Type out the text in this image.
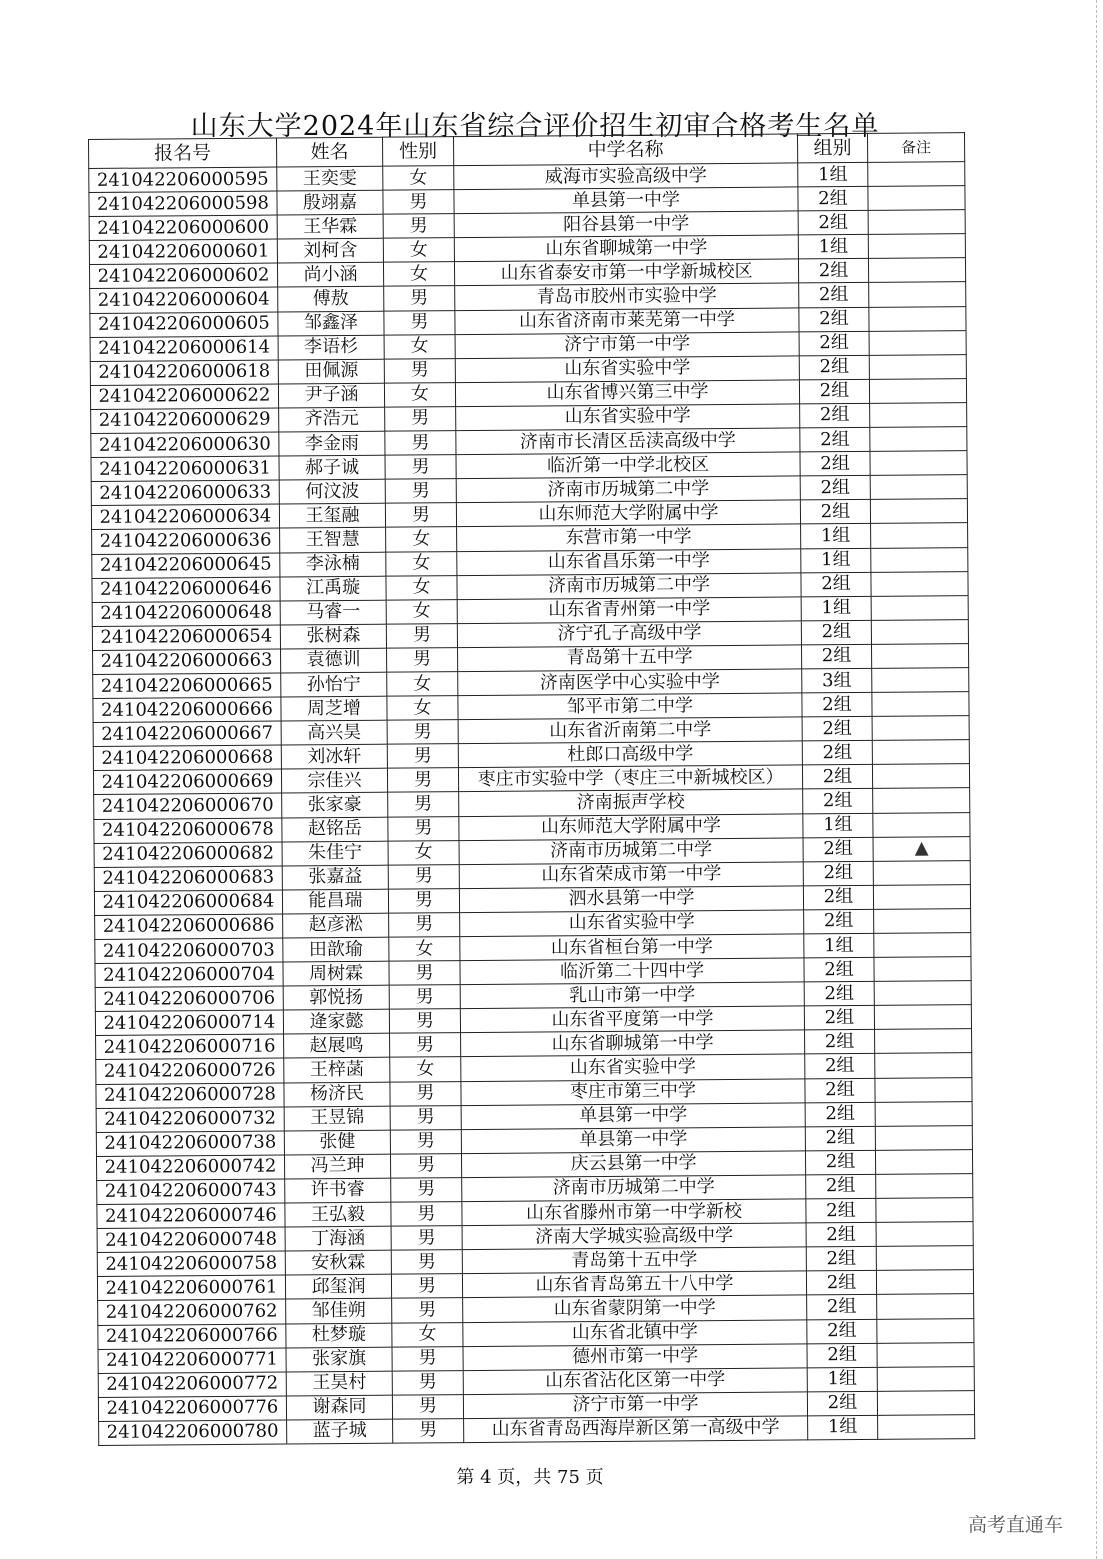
山东大学2024年山东省综合评价招生初审合格考生名单
报名号	姓名	性别	中学名称	组别	备注
241042206000595	王奕雯	女	威海市实验高级中学	1组	
241042206000598	殷翊嘉	男	单县第一中学	2组	
241042206000600	王华霖	男	阳谷县第一中学	2组	
241042206000601	刘柯含	女	山东省聊城第一中学	1组	
241042206000602	尚小涵	女	山东省泰安市第一中学新城校区	2组	
241042206000604	傅敖	男	青岛市胶州市实验中学	2组	
241042206000605	邹鑫泽	男	山东省济南市莱芜第一中学	2组	
241042206000614	李语杉	女	济宁市第一中学	2组	
241042206000618	田佩源	男	山东省实验中学	2组	
241042206000622	尹子涵	女	山东省博兴第三中学	2组	
241042206000629	齐浩元	男	山东省实验中学	2组	
241042206000630	李金雨	男	济南市长清区岳渎高级中学	2组	
241042206000631	郝子诚	男	临沂第一中学北校区	2组	
241042206000633	何汶波	男	济南市历城第二中学	2组	
241042206000634	王玺融	男	山东师范大学附属中学	2组	
241042206000636	王智慧	女	东营市第一中学	1组	
241042206000645	李泳楠	女	山东省昌乐第一中学	1组	
241042206000646	江禹璇	女	济南市历城第二中学	2组	
241042206000648	马睿一	女	山东省青州第一中学	1组	
241042206000654	张树森	男	济宁孔子高级中学	2组	
241042206000663	袁德训	男	青岛第十五中学	2组	
241042206000665	孙怡宁	女	济南医学中心实验中学	3组	
241042206000666	周芝增	女	邹平市第二中学	2组	
241042206000667	高兴昊	男	山东省沂南第二中学	2组	
241042206000668	刘冰轩	男	杜郎口高级中学	2组	
241042206000669	宗佳兴	男	枣庄市实验中学（枣庄三中新城校区）	2组	
241042206000670	张家豪	男	济南振声学校	2组	
241042206000678	赵铭岳	男	山东师范大学附属中学	1组	
241042206000682	朱佳宁	女	济南市历城第二中学	2组	▲
241042206000683	张嘉益	男	山东省荣成市第一中学	2组	
241042206000684	能昌瑞	男	泗水县第一中学	2组	
241042206000686	赵彦淞	男	山东省实验中学	2组	
241042206000703	田歆瑜	女	山东省桓台第一中学	1组	
241042206000704	周树霖	男	临沂第二十四中学	2组	
241042206000706	郭悦扬	男	乳山市第一中学	2组	
241042206000714	逄家懿	男	山东省平度第一中学	2组	
241042206000716	赵展鸣	男	山东省聊城第一中学	2组	
241042206000726	王梓菡	女	山东省实验中学	2组	
241042206000728	杨济民	男	枣庄市第三中学	2组	
241042206000732	王昱锦	男	单县第一中学	2组	
241042206000738	张健	男	单县第一中学	2组	
241042206000742	冯兰珅	男	庆云县第一中学	2组	
241042206000743	许书睿	男	济南市历城第二中学	2组	
241042206000746	王弘毅	男	山东省滕州市第一中学新校	2组	
241042206000748	丁海涵	男	济南大学城实验高级中学	2组	
241042206000758	安秋霖	男	青岛第十五中学	2组	
241042206000761	邱玺润	男	山东省青岛第五十八中学	2组	
241042206000762	邹佳朔	男	山东省蒙阴第一中学	2组	
241042206000766	杜梦璇	女	山东省北镇中学	2组	
241042206000771	张家旗	男	德州市第一中学	2组	
241042206000772	王昊村	男	山东省沾化区第一中学	1组	
241042206000776	谢森同	男	济宁市第一中学	2组	
241042206000780	蓝子城	男	山东省青岛西海岸新区第一高级中学	1组	
第 4 页，共 75 页
高考直通车
